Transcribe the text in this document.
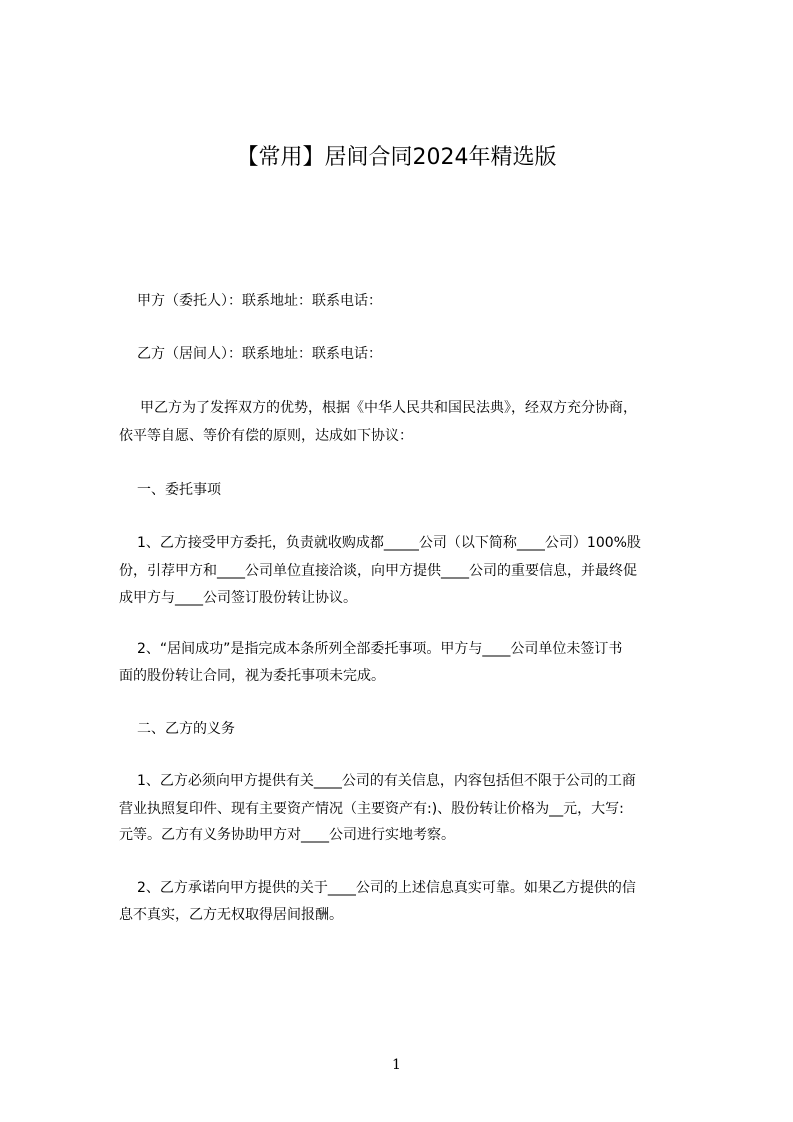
【常用】居间合同2024年精选版

甲方（委托人）：联系地址：联系电话：

乙方（居间人）：联系地址：联系电话：

甲乙方为了发挥双方的优势，根据《中华人民共和国民法典》，经双方充分协商，

依平等自愿、等价有偿的原则，达成如下协议：

一、委托事项

1、乙方接受甲方委托，负责就收购成都_____公司（以下简称____公司）100%股

份，引荐甲方和____公司单位直接洽谈，向甲方提供____公司的重要信息，并最终促

成甲方与____公司签订股份转让协议。

2、“居间成功”是指完成本条所列全部委托事项。甲方与____公司单位未签订书

面的股份转让合同，视为委托事项未完成。

二、乙方的义务

1、乙方必须向甲方提供有关____公司的有关信息，内容包括但不限于公司的工商

营业执照复印件、现有主要资产情况（主要资产有:)、股份转让价格为__元，大写:

元等。乙方有义务协助甲方对____公司进行实地考察。

2、乙方承诺向甲方提供的关于____公司的上述信息真实可靠。如果乙方提供的信

息不真实，乙方无权取得居间报酬。

1
